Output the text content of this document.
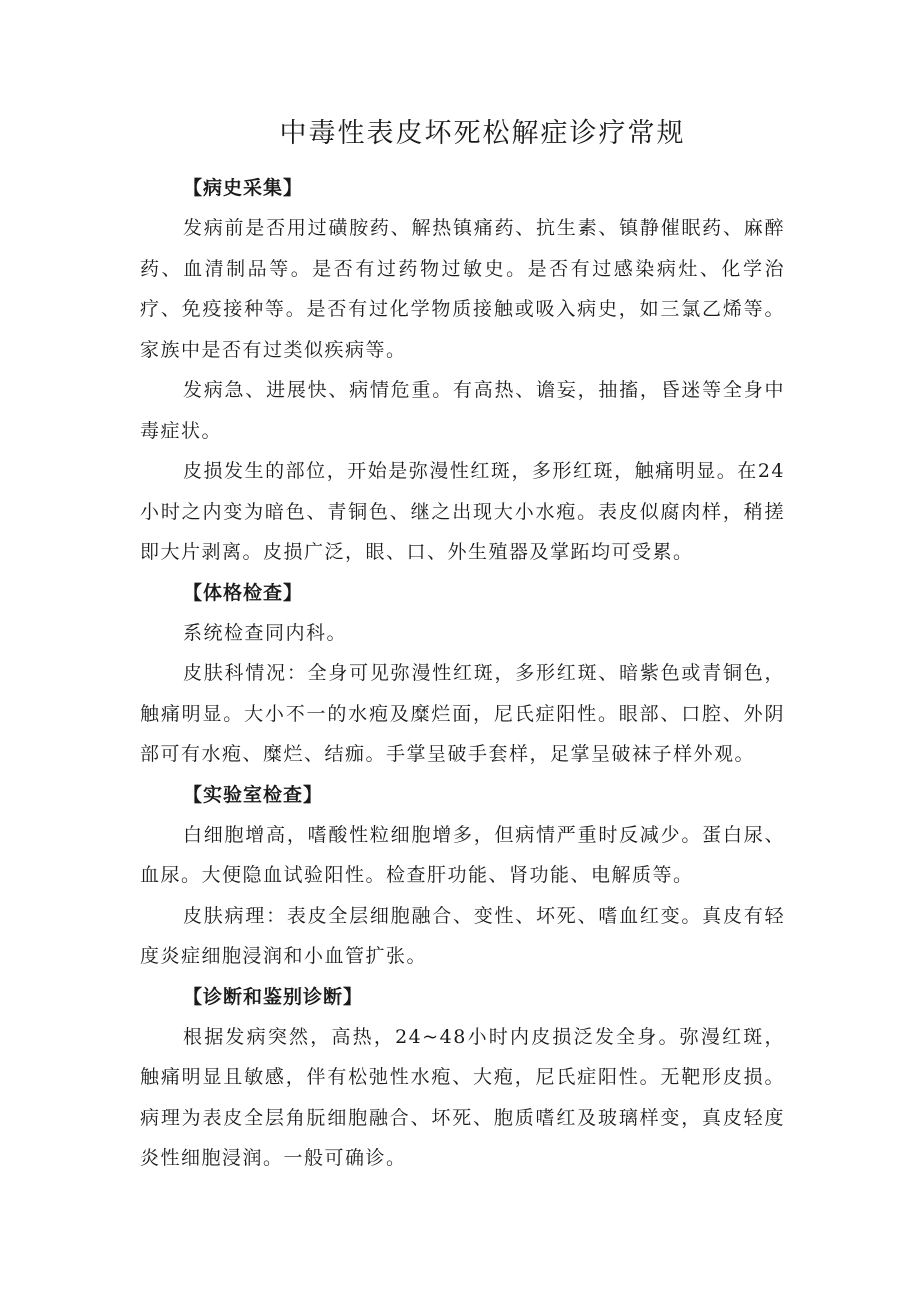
中毒性表皮坏死松解症诊疗常规
【病史采集】

发病前是否用过磺胺药、解热镇痛药、抗生素、镇静催眠药、麻醉药、血清制品等。是否有过药物过敏史。是否有过感染病灶、化学治疗、免疫接种等。是否有过化学物质接触或吸入病史，如三氯乙烯等。家族中是否有过类似疾病等。

发病急、进展快、病情危重。有高热、谵妄，抽搐，昏迷等全身中毒症状。

皮损发生的部位，开始是弥漫性红斑，多形红斑，触痛明显。在24小时之内变为暗色、青铜色、继之出现大小水疱。表皮似腐肉样，稍搓即大片剥离。皮损广泛，眼、口、外生殖器及掌跖均可受累。

【体格检查】

系统检查同内科。

皮肤科情况：全身可见弥漫性红斑，多形红斑、暗紫色或青铜色，触痛明显。大小不一的水疱及糜烂面，尼氏症阳性。眼部、口腔、外阴部可有水疱、糜烂、结痂。手掌呈破手套样，足掌呈破袜子样外观。

【实验室检查】

白细胞增高，嗜酸性粒细胞增多，但病情严重时反减少。蛋白尿、血尿。大便隐血试验阳性。检查肝功能、肾功能、电解质等。

皮肤病理：表皮全层细胞融合、变性、坏死、嗜血红变。真皮有轻度炎症细胞浸润和小血管扩张。

【诊断和鉴别诊断】

根据发病突然，高热，24~48小时内皮损泛发全身。弥漫红斑，触痛明显且敏感，伴有松弛性水疱、大疱，尼氏症阳性。无靶形皮损。病理为表皮全层角朊细胞融合、坏死、胞质嗜红及玻璃样变，真皮轻度炎性细胞浸润。一般可确诊。
